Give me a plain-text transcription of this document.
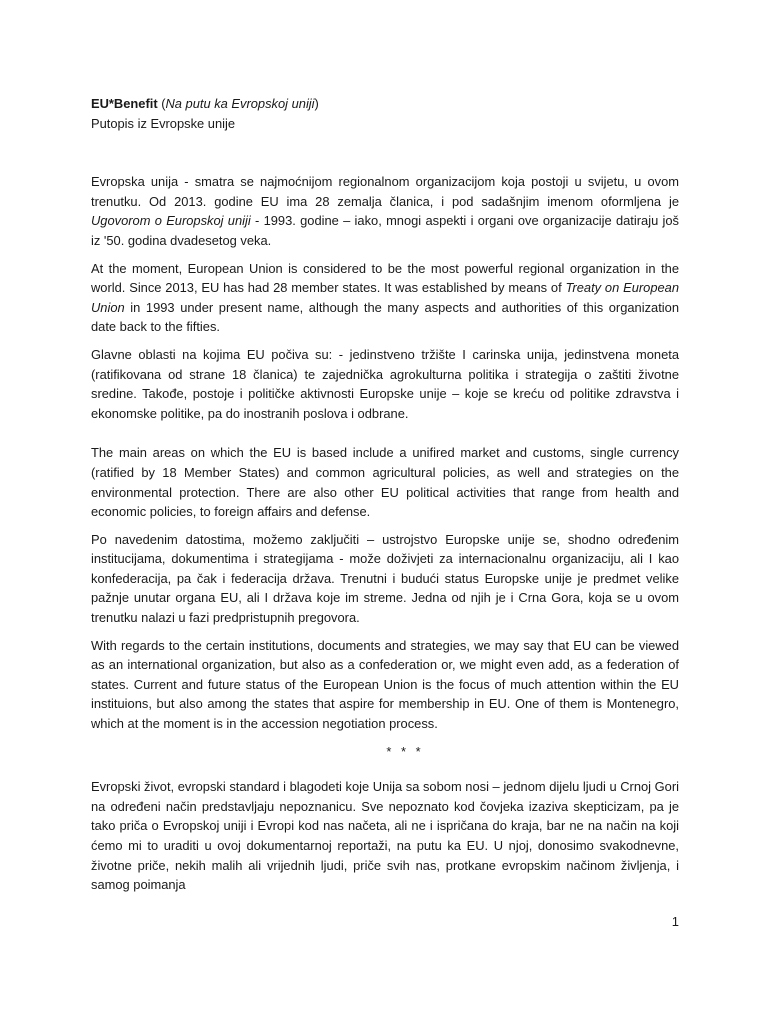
EU*Benefit (Na putu ka Evropskoj uniji)
Putopis iz Evropske unije

Evropska unija - smatra se najmoćnijom regionalnom organizacijom koja postoji u svijetu, u ovom trenutku. Od 2013. godine EU ima 28 zemalja članica, i pod sadašnjim imenom oformljena je Ugovorom o Europskoj uniji - 1993. godine – iako, mnogi aspekti i organi ove organizacije datiraju još iz '50. godina dvadesetog veka.

At the moment, European Union is considered to be the most powerful regional organization in the world. Since 2013, EU has had 28 member states. It was established by means of Treaty on European Union in 1993 under present name, although the many aspects and authorities of this organization date back to the fifties.

Glavne oblasti na kojima EU počiva su: - jedinstveno tržište I carinska unija, jedinstvena moneta (ratifikovana od strane 18 članica) te zajednička agrokulturna politika i strategija o zaštiti životne sredine. Takođe, postoje i političke aktivnosti Europske unije – koje se kreću od politike zdravstva i ekonomske politike, pa do inostranih poslova i odbrane.

The main areas on which the EU is based include a unifired market and customs, single currency (ratified by 18 Member States) and common agricultural policies, as well and strategies on the environmental protection. There are also other EU political activities that range from health and economic policies, to foreign affairs and defense.

Po navedenim datostima, možemo zaključiti – ustrojstvo Europske unije se, shodno određenim institucijama, dokumentima i strategijama - može doživjeti za internacionalnu organizaciju, ali I kao konfederacija, pa čak i federacija država. Trenutni i budući status Europske unije je predmet velike pažnje unutar organa EU, ali I država koje im streme. Jedna od njih je i Crna Gora, koja se u ovom trenutku nalazi u fazi predpristupnih pregovora.

With regards to the certain institutions, documents and strategies, we may say that EU can be viewed as an international organization, but also as a confederation or, we might even add, as a federation of states. Current and future status of the European Union is the focus of much attention within the EU instituions, but also among the states that aspire for membership in EU. One of them is Montenegro, which at the moment is in the accession negotiation process.

* * *

Evropski život, evropski standard i blagodeti koje Unija sa sobom nosi – jednom dijelu ljudi u Crnoj Gori na određeni način predstavljaju nepoznanicu. Sve nepoznato kod čovjeka izaziva skepticizam, pa je tako priča o Evropskoj uniji i Evropi kod nas načeta, ali ne i ispričana do kraja, bar ne na način na koji ćemo mi to uraditi u ovoj dokumentarnoj reportaži, na putu ka EU. U njoj, donosimo svakodnevne, životne priče, nekih malih ali vrijednih ljudi, priče svih nas, protkane evropskim načinom življenja, i samog poimanja

1
